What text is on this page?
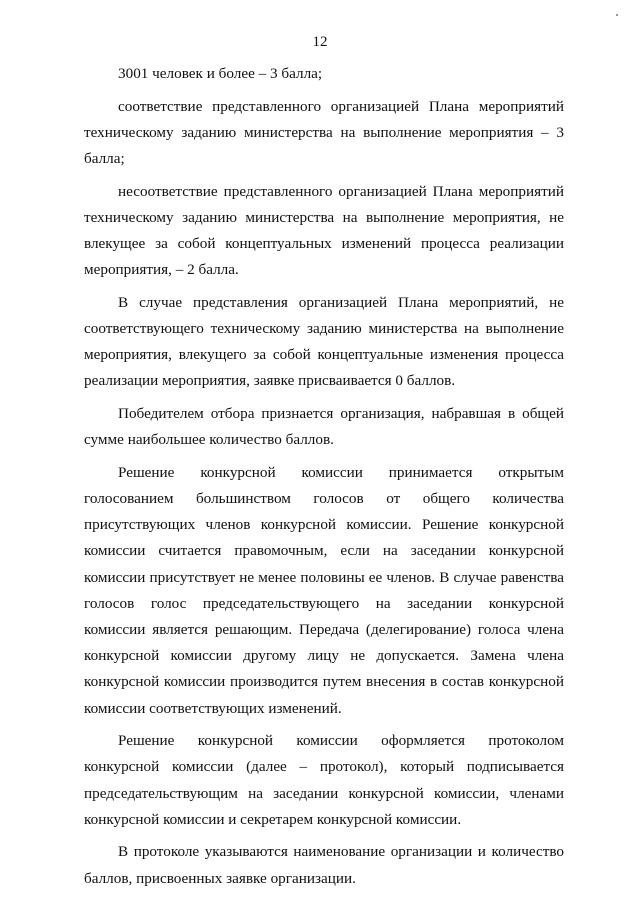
12

3001 человек и более – 3 балла;

соответствие представленного организацией Плана мероприятий техническому заданию министерства на выполнение мероприятия – 3 балла;

несоответствие представленного организацией Плана мероприятий техническому заданию министерства на выполнение мероприятия, не влекущее за собой концептуальных изменений процесса реализации мероприятия, – 2 балла.

В случае представления организацией Плана мероприятий, не соответствующего техническому заданию министерства на выполнение мероприятия, влекущего за собой концептуальные изменения процесса реализации мероприятия, заявке присваивается 0 баллов.

Победителем отбора признается организация, набравшая в общей сумме наибольшее количество баллов.

Решение конкурсной комиссии принимается открытым голосованием большинством голосов от общего количества присутствующих членов конкурсной комиссии. Решение конкурсной комиссии считается правомочным, если на заседании конкурсной комиссии присутствует не менее половины ее членов. В случае равенства голосов голос председательствующего на заседании конкурсной комиссии является решающим. Передача (делегирование) голоса члена конкурсной комиссии другому лицу не допускается. Замена члена конкурсной комиссии производится путем внесения в состав конкурсной комиссии соответствующих изменений.

Решение конкурсной комиссии оформляется протоколом конкурсной комиссии (далее – протокол), который подписывается председательствующим на заседании конкурсной комиссии, членами конкурсной комиссии и секретарем конкурсной комиссии.

В протоколе указываются наименование организации и количество баллов, присвоенных заявке организации.
